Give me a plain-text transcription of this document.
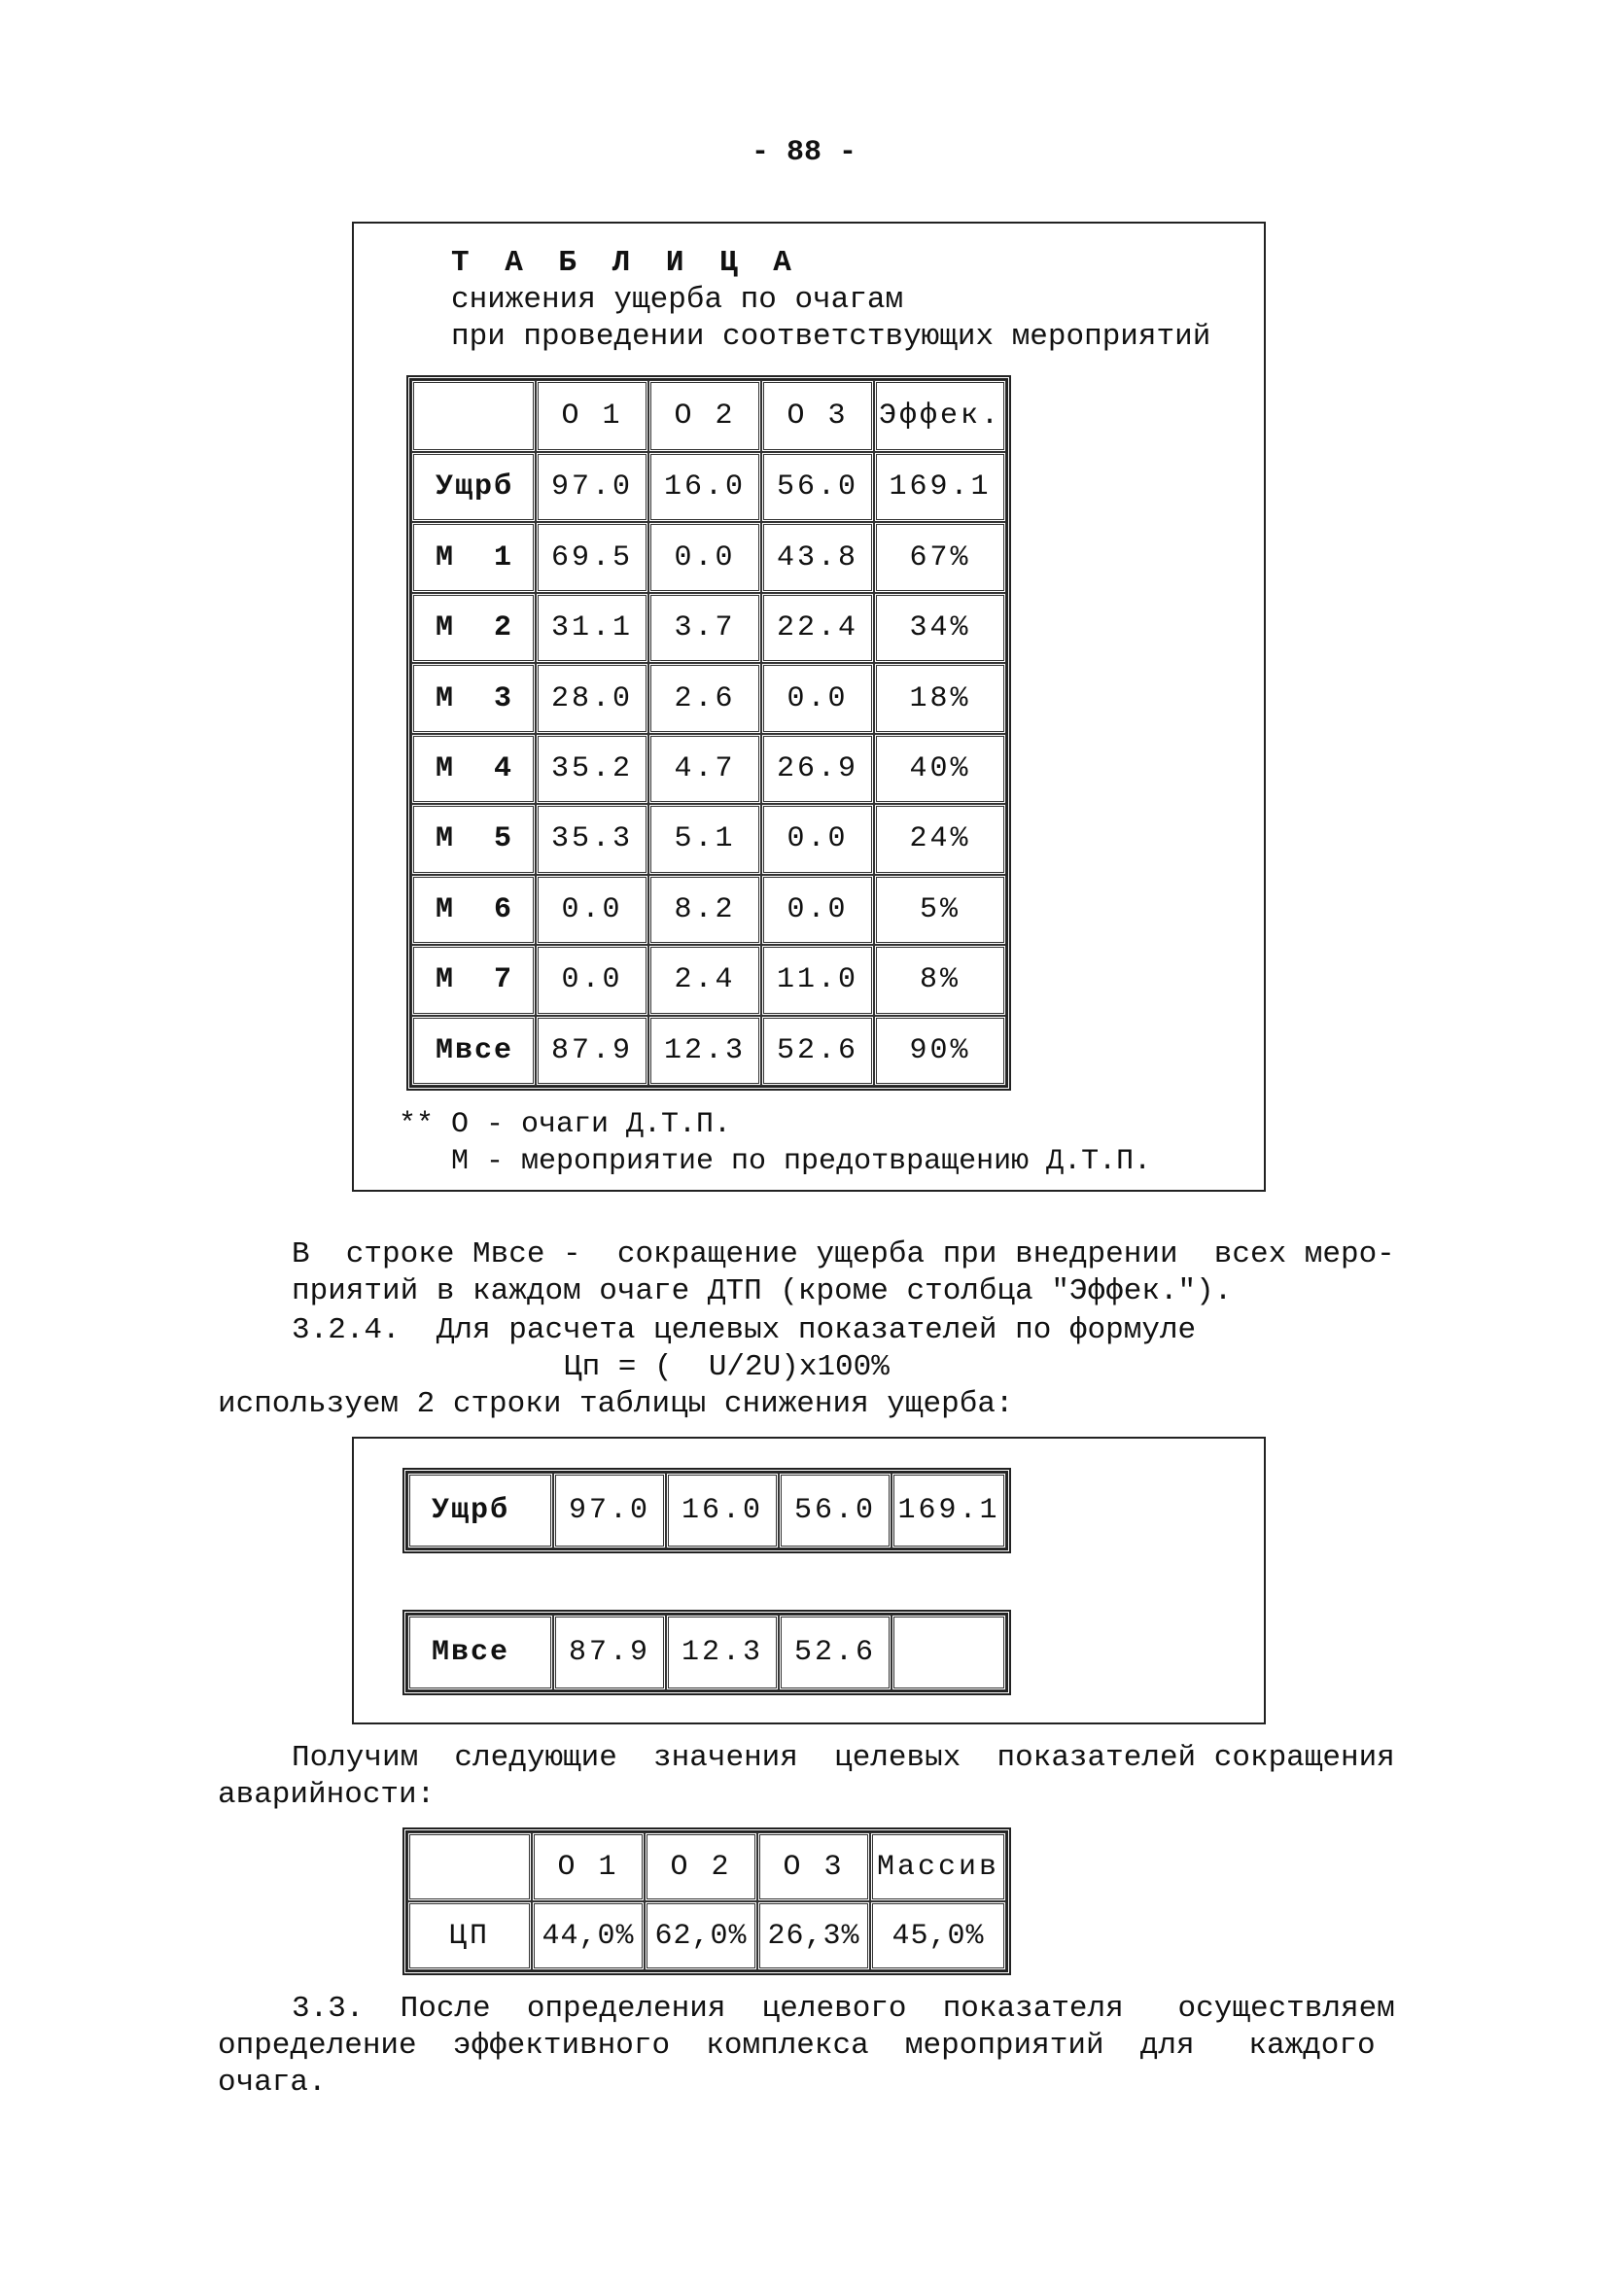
- 88 -
Т А Б Л И Ц А
снижения ущерба по очагам
при проведении соответствующих мероприятий
	О 1	О 2	О 3	Эффек.
Ущрб	97.0	16.0	56.0	169.1
М  1	69.5	0.0	43.8	67%
М  2	31.1	3.7	22.4	34%
М  3	28.0	2.6	0.0	18%
М  4	35.2	4.7	26.9	40%
М  5	35.3	5.1	0.0	24%
М  6	0.0	8.2	0.0	5%
М  7	0.0	2.4	11.0	8%
Мвсе	87.9	12.3	52.6	90%
** О - очаги Д.Т.П.
М - мероприятие по предотвращению Д.Т.П.
В  строке Мвсе -  сокращение ущерба при внедрении  всех меро-
приятий в каждом очаге ДТП (кроме столбца "Эффек.").
3.2.4.  Для расчета целевых показателей по формуле
Цп = (  U/2U)x100%
используем 2 строки таблицы снижения ущерба:
Ущрб	97.0	16.0	56.0	169.1
Мвсе	87.9	12.3	52.6	
Получим  следующие  значения  целевых  показателей сокращения
аварийности:
	О 1	О 2	О 3	Массив
ЦП	44,0%	62,0%	26,3%	45,0%
3.3.  После  определения  целевого  показателя   осуществляем
определение  эффективного  комплекса  мероприятий  для   каждого
очага.
